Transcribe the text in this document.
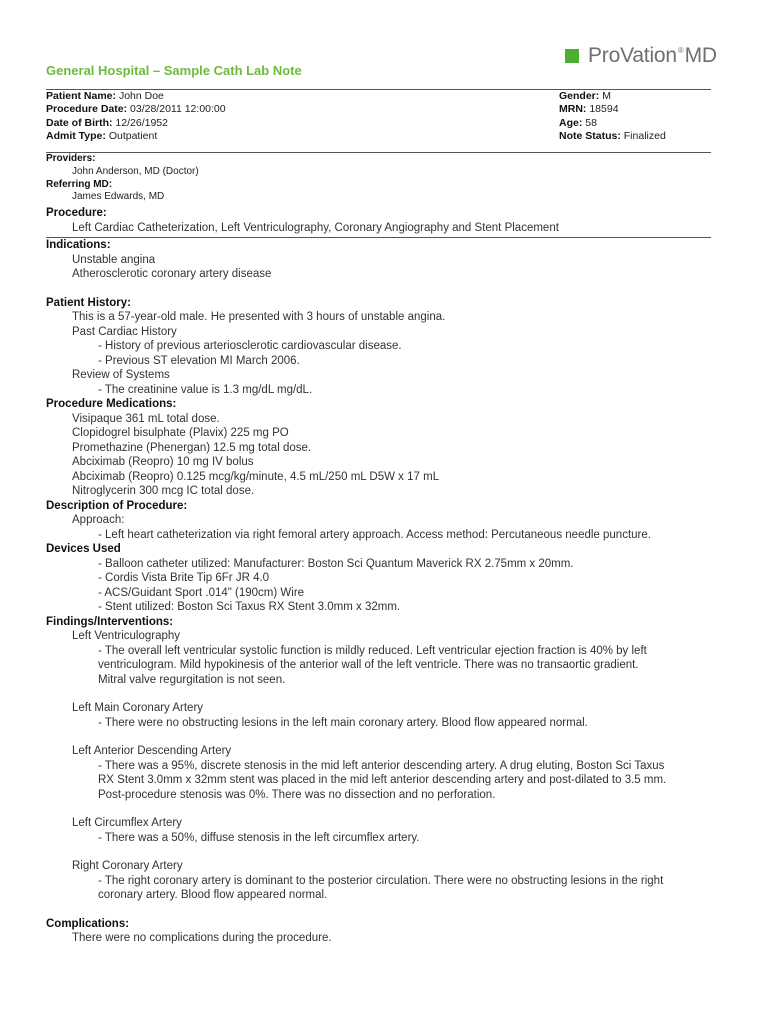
ProVation®MD
General Hospital – Sample Cath Lab Note
Patient Name: John Doe
Procedure Date: 03/28/2011 12:00:00
Date of Birth: 12/26/1952
Admit Type: Outpatient
Gender: M
MRN: 18594
Age: 58
Note Status: Finalized
Providers:
John Anderson, MD (Doctor)
Referring MD:
James Edwards, MD
Procedure:
Left Cardiac Catheterization, Left Ventriculography, Coronary Angiography and Stent Placement
Indications:
Unstable angina
Atherosclerotic coronary artery disease
Patient History:
This is a 57-year-old male. He presented with 3 hours of unstable angina.
Past Cardiac History
- History of previous arteriosclerotic cardiovascular disease.
- Previous ST elevation MI March 2006.
Review of Systems
- The creatinine value is 1.3 mg/dL mg/dL.
Procedure Medications:
Visipaque 361 mL total dose.
Clopidogrel bisulphate (Plavix) 225 mg PO
Promethazine (Phenergan) 12.5 mg total dose.
Abciximab (Reopro) 10 mg IV bolus
Abciximab (Reopro) 0.125 mcg/kg/minute, 4.5 mL/250 mL D5W x 17 mL
Nitroglycerin 300 mcg IC total dose.
Description of Procedure:
Approach:
- Left heart catheterization via right femoral artery approach. Access method: Percutaneous needle puncture.
Devices Used
- Balloon catheter utilized: Manufacturer: Boston Sci Quantum Maverick RX 2.75mm x 20mm.
- Cordis Vista Brite Tip 6Fr JR 4.0
- ACS/Guidant Sport .014" (190cm) Wire
- Stent utilized: Boston Sci Taxus RX Stent 3.0mm x 32mm.
Findings/Interventions:
Left Ventriculography
- The overall left ventricular systolic function is mildly reduced. Left ventricular ejection fraction is 40% by left
ventriculogram. Mild hypokinesis of the anterior wall of the left ventricle. There was no transaortic gradient.
Mitral valve regurgitation is not seen.
Left Main Coronary Artery
- There were no obstructing lesions in the left main coronary artery. Blood flow appeared normal.
Left Anterior Descending Artery
- There was a 95%, discrete stenosis in the mid left anterior descending artery. A drug eluting, Boston Sci Taxus
RX Stent 3.0mm x 32mm stent was placed in the mid left anterior descending artery and post-dilated to 3.5 mm.
Post-procedure stenosis was 0%. There was no dissection and no perforation.
Left Circumflex Artery
- There was a 50%, diffuse stenosis in the left circumflex artery.
Right Coronary Artery
- The right coronary artery is dominant to the posterior circulation. There were no obstructing lesions in the right
coronary artery. Blood flow appeared normal.
Complications:
There were no complications during the procedure.
